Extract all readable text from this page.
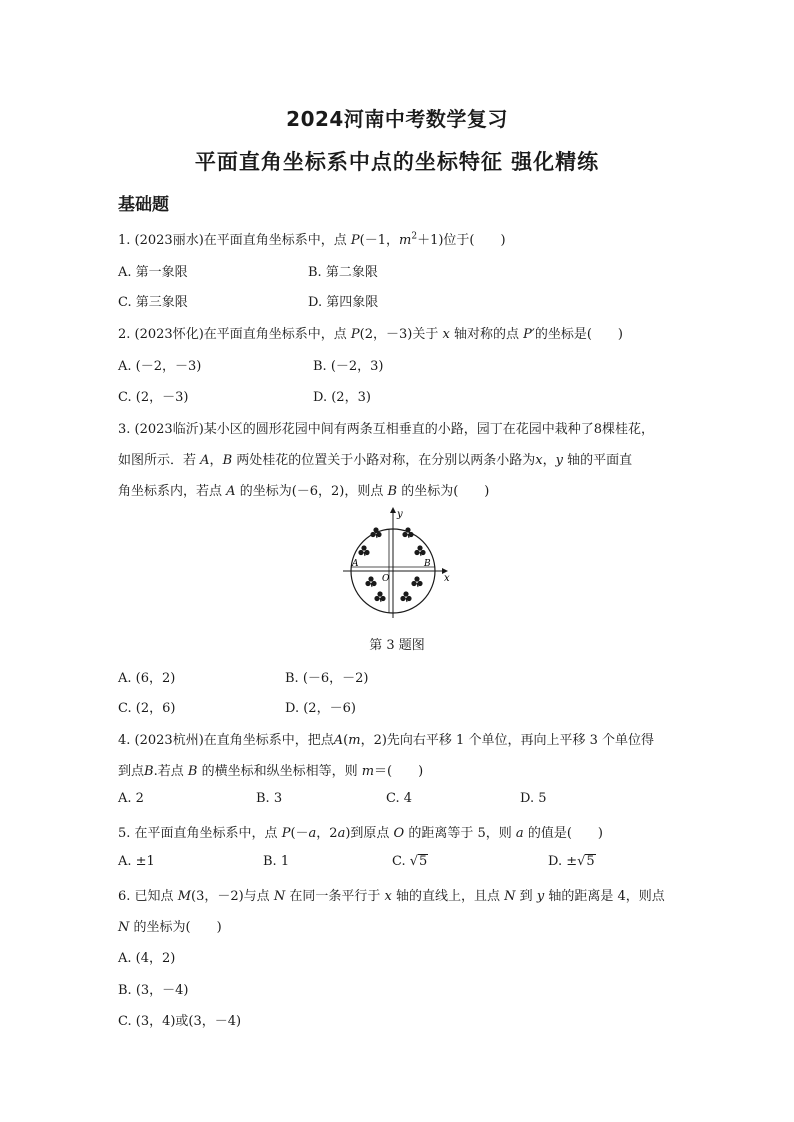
2024河南中考数学复习
平面直角坐标系中点的坐标特征 强化精练
基础题
1. (2023丽水)在平面直角坐标系中，点 P(－1，$m^2+1$)位于(　　)
A. 第一象限	B. 第二象限
C. 第三象限	D. 第四象限
2. (2023怀化)在平面直角坐标系中，点 P(2，－3)关于 x 轴对称的点 P′的坐标是(　　)
A. (－2，－3)	B. (－2，3)
C. (2，－3)	D. (2，3)
3. (2023临沂)某小区的圆形花园中间有两条互相垂直的小路，园丁在花园中栽种了8棵桂花，
如图所示．若 A，B 两处桂花的位置关于小路对称，在分别以两条小路为x，y 轴的平面直
角坐标系内，若点 A 的坐标为(－6，2)，则点 B 的坐标为(　　)
y
x
A	B
O
第 3 题图
A. (6，2)	B. (－6，－2)
C. (2，6)	D. (2，－6)
4. (2023杭州)在直角坐标系中，把点A(m，2)先向右平移 1 个单位，再向上平移 3 个单位得
到点B.若点 B 的横坐标和纵坐标相等，则 m＝(　　)
A. 2	B. 3	C. 4	D. 5
5. 在平面直角坐标系中，点 P(－a，2a)到原点 O 的距离等于 5，则 a 的值是(　　)
A. ±1	B. 1	C. √5	D. ±√5
6. 已知点 M(3，－2)与点 N 在同一条平行于 x 轴的直线上，且点 N 到 y 轴的距离是 4，则点
N 的坐标为(　　)
A. (4，2)
B. (3，－4)
C. (3，4)或(3，－4)
